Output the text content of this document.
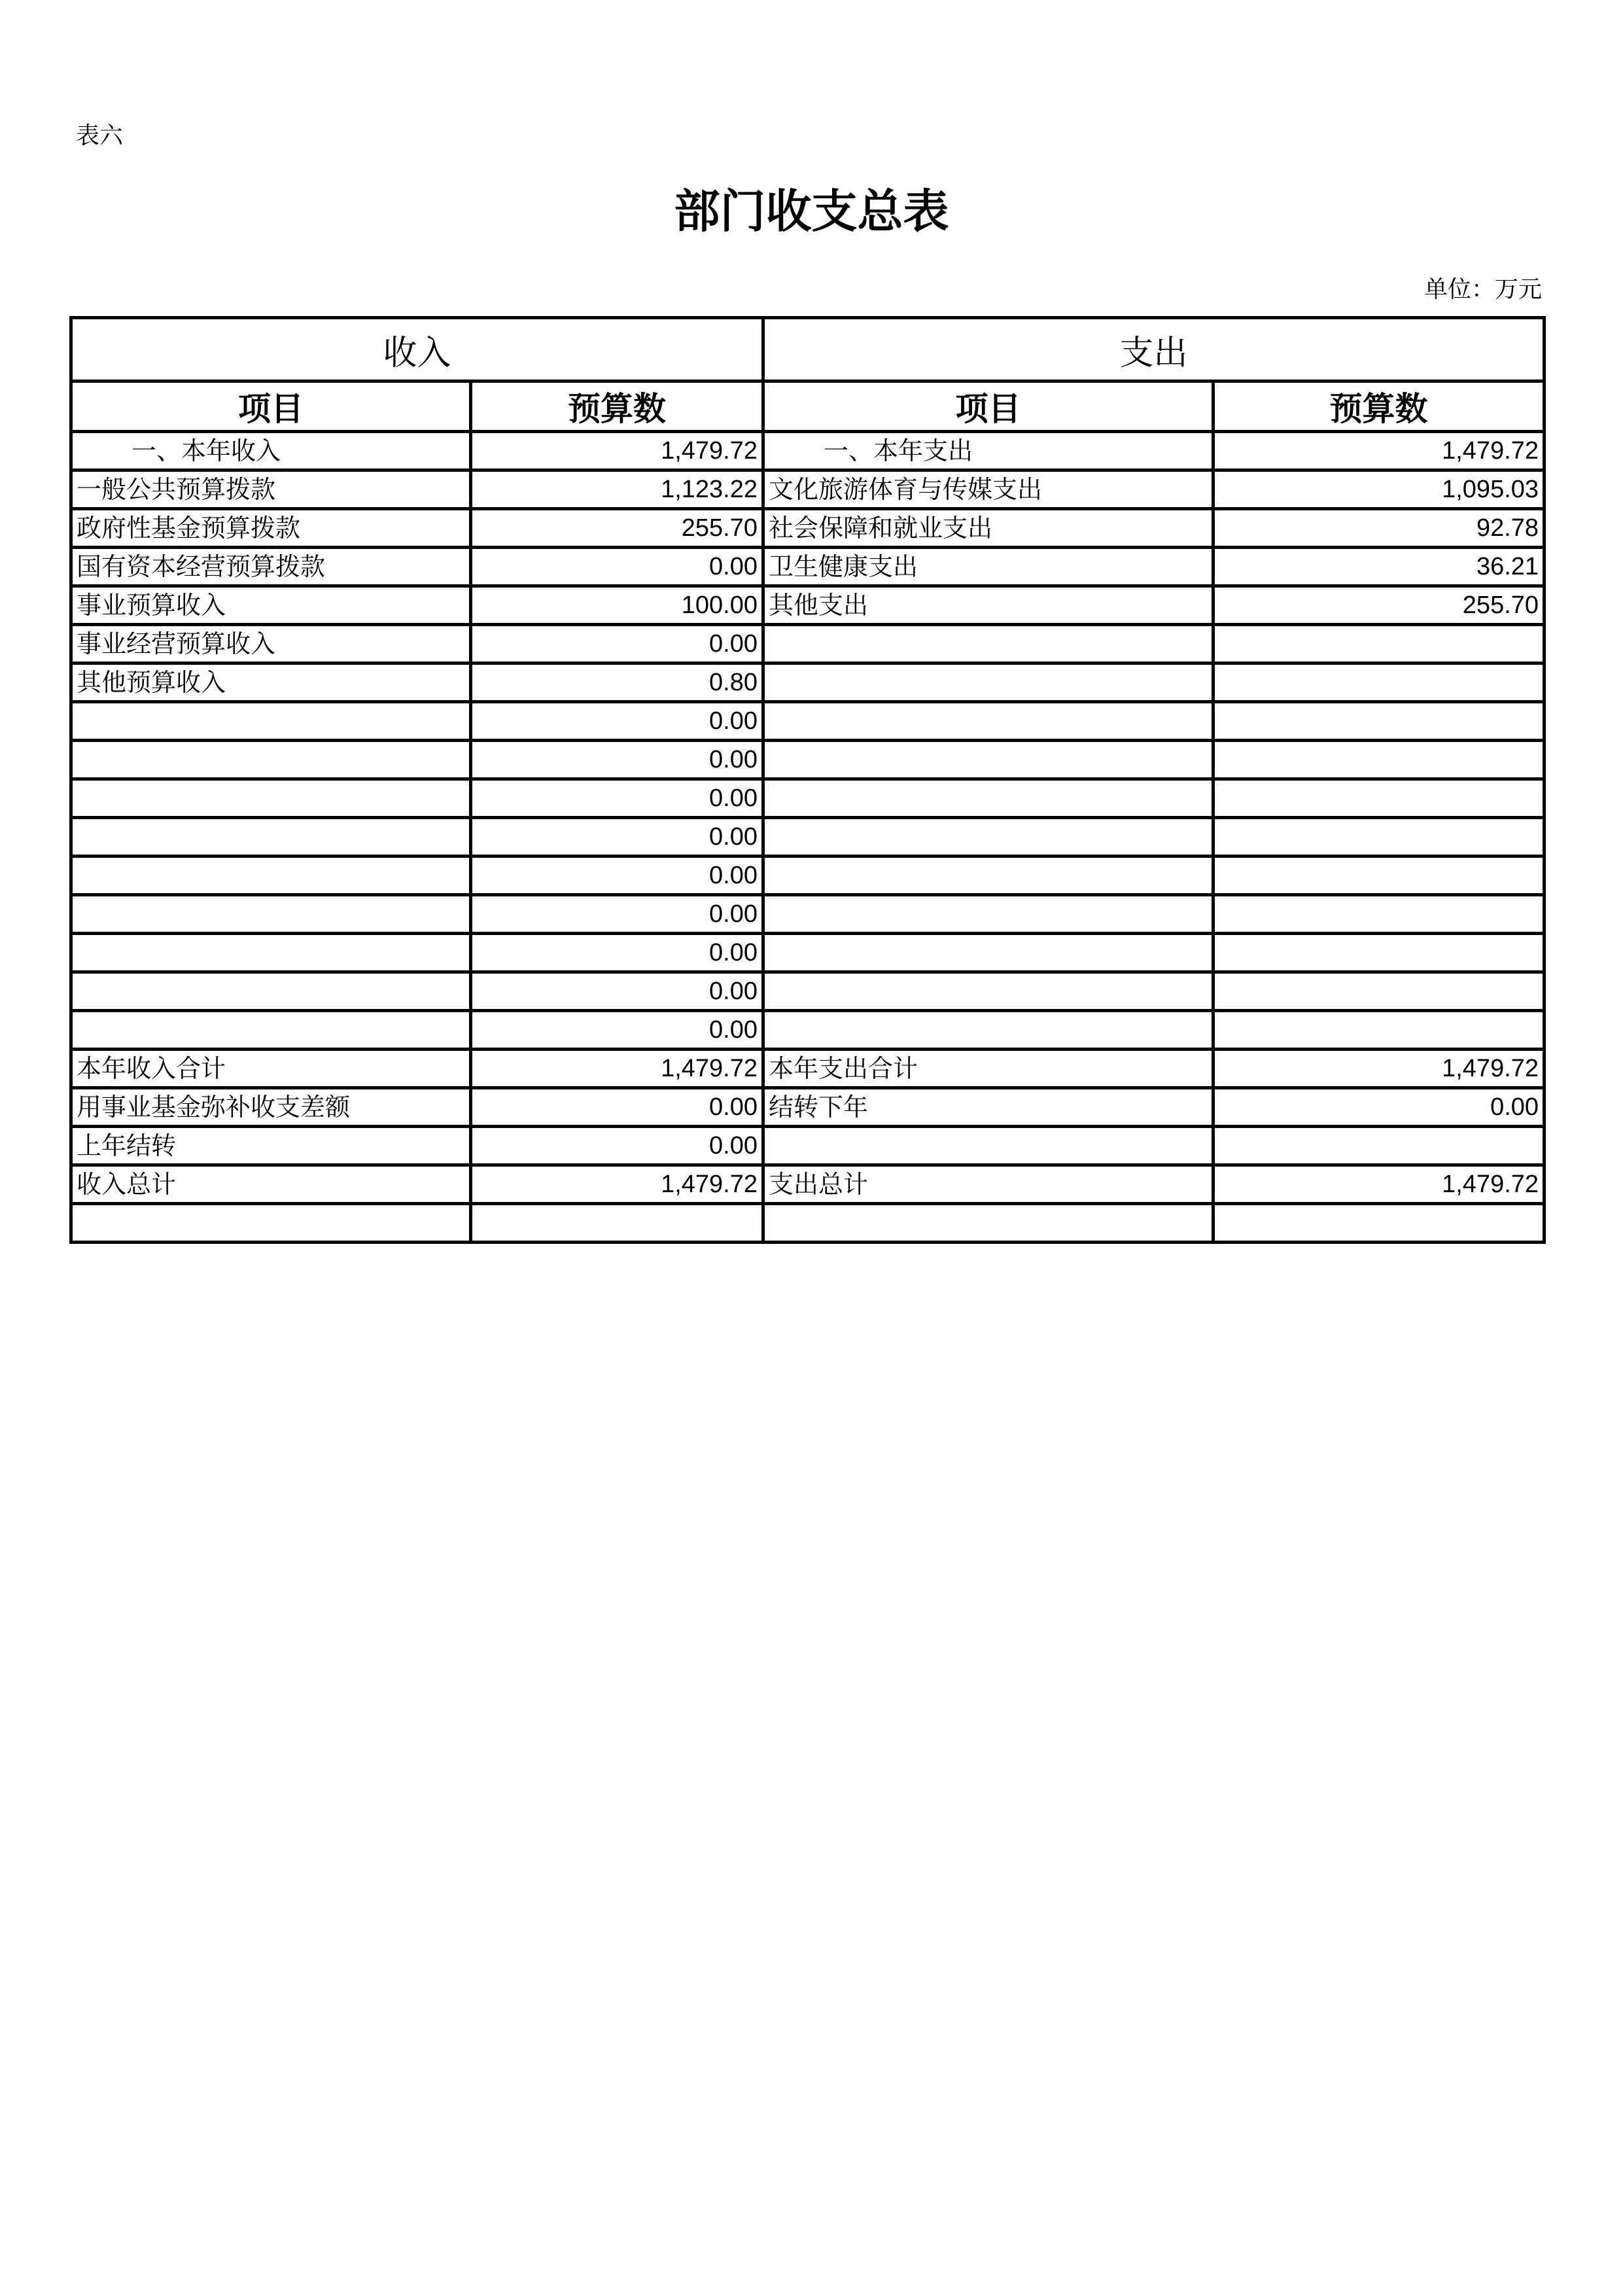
表六
部门收支总表
单位：万元
收入		支出	
项目	预算数	项目	预算数
一、本年收入	1,479.72	一、本年支出	1,479.72
一般公共预算拨款	1,123.22	文化旅游体育与传媒支出	1,095.03
政府性基金预算拨款	255.70	社会保障和就业支出	92.78
国有资本经营预算拨款	0.00	卫生健康支出	36.21
事业预算收入	100.00	其他支出	255.70
事业经营预算收入	0.00		
其他预算收入	0.80		
	0.00		
	0.00		
	0.00		
	0.00		
	0.00		
	0.00		
	0.00		
	0.00		
	0.00		
本年收入合计	1,479.72	本年支出合计	1,479.72
用事业基金弥补收支差额	0.00	结转下年	0.00
上年结转	0.00		
收入总计	1,479.72	支出总计	1,479.72
